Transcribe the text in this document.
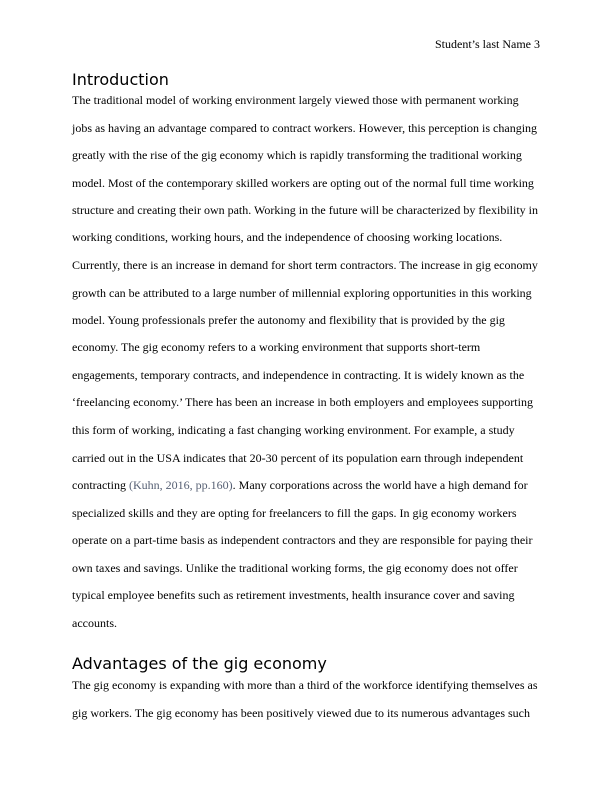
Student’s last Name 3
Introduction
The traditional model of working environment largely viewed those with permanent working
jobs as having an advantage compared to contract workers. However, this perception is changing
greatly with the rise of the gig economy which is rapidly transforming the traditional working
model. Most of the contemporary skilled workers are opting out of the normal full time working
structure and creating their own path. Working in the future will be characterized by flexibility in
working conditions, working hours, and the independence of choosing working locations.
Currently, there is an increase in demand for short term contractors. The increase in gig economy
growth can be attributed to a large number of millennial exploring opportunities in this working
model. Young professionals prefer the autonomy and flexibility that is provided by the gig
economy. The gig economy refers to a working environment that supports short-term
engagements, temporary contracts, and independence in contracting. It is widely known as the
‘freelancing economy.’ There has been an increase in both employers and employees supporting
this form of working, indicating a fast changing working environment. For example, a study
carried out in the USA indicates that 20-30 percent of its population earn through independent
contracting (Kuhn, 2016, pp.160). Many corporations across the world have a high demand for
specialized skills and they are opting for freelancers to fill the gaps. In gig economy workers
operate on a part-time basis as independent contractors and they are responsible for paying their
own taxes and savings. Unlike the traditional working forms, the gig economy does not offer
typical employee benefits such as retirement investments, health insurance cover and saving
accounts.
Advantages of the gig economy
The gig economy is expanding with more than a third of the workforce identifying themselves as
gig workers. The gig economy has been positively viewed due to its numerous advantages such
